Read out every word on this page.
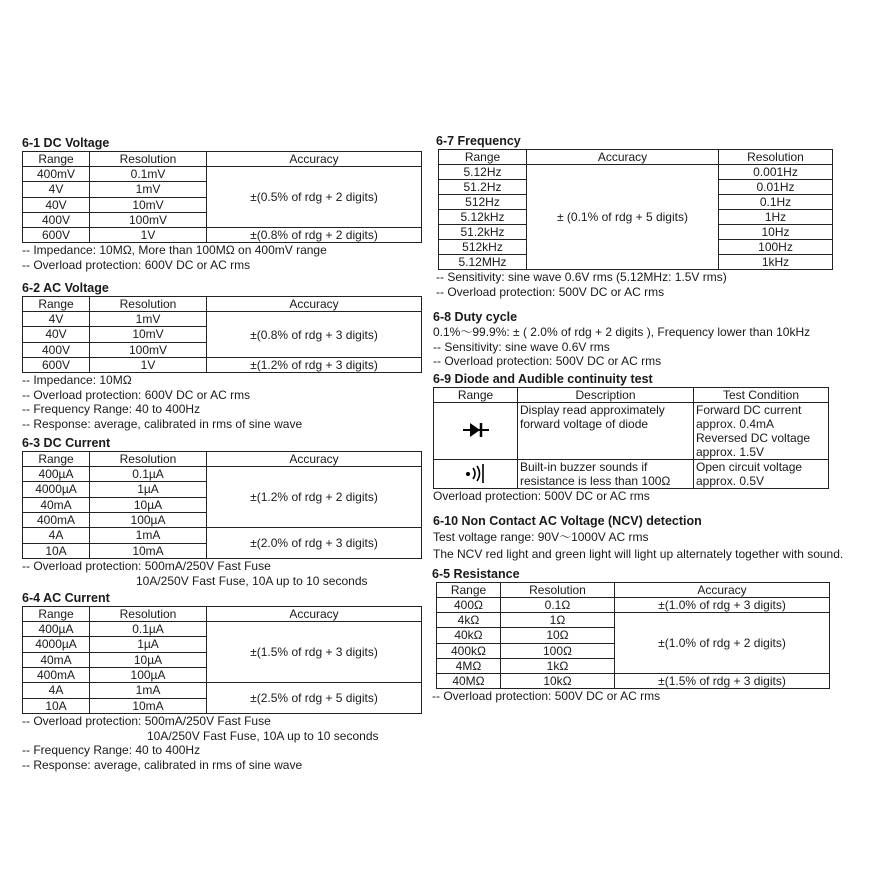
6-1 DC Voltage
Range	Resolution	Accuracy
400mV	0.1mV	±(0.5% of rdg + 2 digits)
4V	1mV	
40V	10mV	
400V	100mV	
600V	1V	±(0.8% of rdg + 2 digits)

-- Impedance: 10MΩ, More than 100MΩ on 400mV range

-- Overload protection: 600V DC or AC rms

6-2 AC Voltage
Range	Resolution	Accuracy
4V	1mV	±(0.8% of rdg + 3 digits)
40V	10mV	
400V	100mV	
600V	1V	±(1.2% of rdg + 3 digits)

-- Impedance: 10MΩ

-- Overload protection: 600V DC or AC rms

-- Frequency Range: 40 to 400Hz

-- Response: average, calibrated in rms of sine wave

6-3 DC Current
Range	Resolution	Accuracy
400µA	0.1µA	±(1.2% of rdg + 2 digits)
4000µA	1µA	
40mA	10µA	
400mA	100µA	
4A	1mA	±(2.0% of rdg + 3 digits)
10A	10mA	

-- Overload protection: 500mA/250V Fast Fuse

10A/250V Fast Fuse, 10A up to 10 seconds

6-4 AC Current
Range	Resolution	Accuracy
400µA	0.1µA	±(1.5% of rdg + 3 digits)
4000µA	1µA	
40mA	10µA	
400mA	100µA	
4A	1mA	±(2.5% of rdg + 5 digits)
10A	10mA	

-- Overload protection: 500mA/250V Fast Fuse

10A/250V Fast Fuse, 10A up to 10 seconds

-- Frequency Range: 40 to 400Hz

-- Response: average, calibrated in rms of sine wave

6-7 Frequency
Range	Accuracy	Resolution
5.12Hz	± (0.1% of rdg + 5 digits)	0.001Hz
51.2Hz		0.01Hz
512Hz		0.1Hz
5.12kHz		1Hz
51.2kHz		10Hz
512kHz		100Hz
5.12MHz		1kHz

-- Sensitivity: sine wave 0.6V rms (5.12MHz: 1.5V rms)

-- Overload protection: 500V DC or AC rms

6-8 Duty cycle

0.1%～99.9%: ± ( 2.0% of rdg + 2 digits ), Frequency lower than 10kHz

-- Sensitivity: sine wave 0.6V rms

-- Overload protection: 500V DC or AC rms

6-9 Diode and Audible continuity test
Range	Description	Test Condition
	Display read approximately forward voltage of diode	Forward DC current
approx. 0.4mA
Reversed DC voltage
approx. 1.5V

	Built-in buzzer sounds if resistance is less than 100Ω	Open circuit voltage
approx. 0.5V

Overload protection: 500V DC or AC rms

6-10 Non Contact AC Voltage (NCV) detection

Test voltage range: 90V～1000V AC rms

The NCV red light and green light will light up alternately together with sound.

6-5 Resistance
Range	Resolution	Accuracy
400Ω	0.1Ω	±(1.0% of rdg + 3 digits)
4kΩ	1Ω	±(1.0% of rdg + 2 digits)
40kΩ	10Ω	
400kΩ	100Ω	
4MΩ	1kΩ	
40MΩ	10kΩ	±(1.5% of rdg + 3 digits)

-- Overload protection: 500V DC or AC rms
